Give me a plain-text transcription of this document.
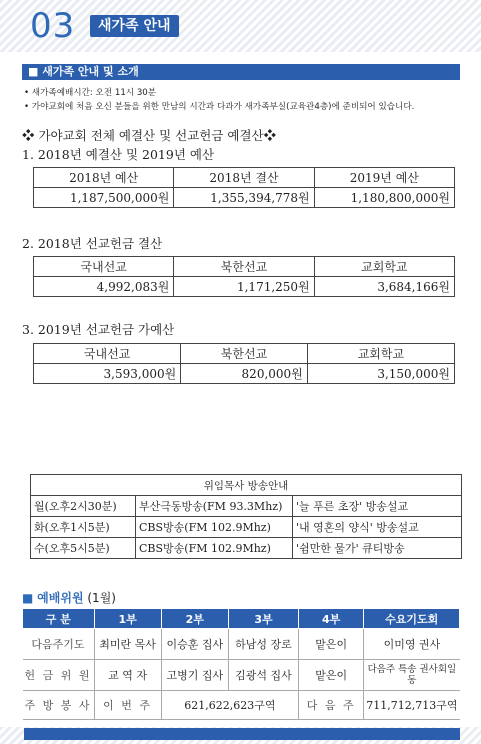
03	새가족 안내
■ 새가족 안내 및 소개
• 새가족예배시간: 오전 11시 30분
• 가야교회에 처음 오신 분들을 위한 만남의 시간과 다과가 새가족부실(교육관4층)에 준비되어 있습니다.
❖ 가야교회 전체 예결산 및 선교헌금 예결산❖
1. 2018년 예결산 및 2019년 예산
2018년 예산	2018년 결산	2019년 예산
1,187,500,000원	1,355,394,778원	1,180,800,000원
2. 2018년 선교헌금 결산
국내선교	북한선교	교회학교
4,992,083원	1,171,250원	3,684,166원
3. 2019년 선교헌금 가예산
국내선교	북한선교	교회학교
3,593,000원	820,000원	3,150,000원
위임목사 방송안내		
월(오후2시30분)	부산극동방송(FM 93.3Mhz)	'늘 푸른 초장' 방송설교
화(오후1시5분)	CBS방송(FM 102.9Mhz)	'내 영혼의 양식' 방송설교
수(오후5시5분)	CBS방송(FM 102.9Mhz)	'쉼만한 물가' 큐티방송
■ 예배위원 (1월)
구 분	1부	2부	3부	4부	수요기도회
다음주기도	최미란 목사	이승훈 집사	하남성 장로	맡은이	이미영 권사
헌 금 위 원	교 역 자	고병기 집사	김광석 집사	맡은이	다음주 특송 권사회일동
주 방 봉 사	이 번 주	621,622,623구역		다 음 주	711,712,713구역
